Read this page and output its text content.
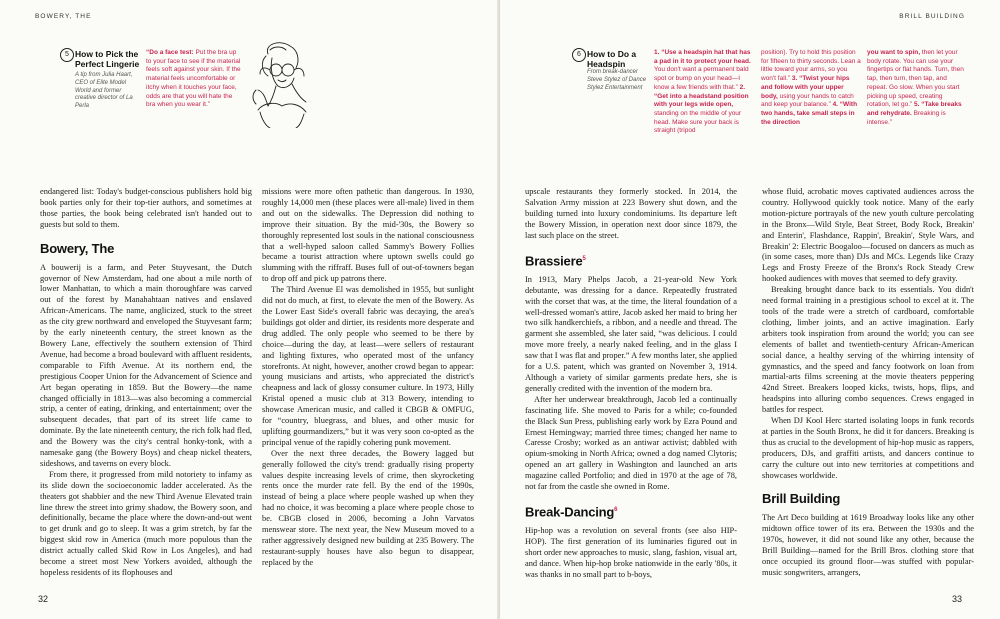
BOWERY, THE
5 How to Pick the Perfect Lingerie
A tip from Julia Haart, CEO of Elite Model World and former creative director of La Perla
“Do a face test: Put the bra up to your face to see if the material feels soft against your skin. If the material feels uncomfortable or itchy when it touches your face, odds are that you will hate the bra when you wear it.”

endangered list: Today's budget-conscious publishers hold big book parties only for their top-tier authors, and sometimes at those parties, the book being celebrated isn't handed out to guests but sold to them.

Bowery, The

A bouwerij is a farm, and Peter Stuyvesant, the Dutch governor of New Amsterdam, had one about a mile north of lower Manhattan, to which a main thoroughfare was carved out of the forest by Manahahtaan natives and enslaved African-Americans. The name, anglicized, stuck to the street as the city grew northward and enveloped the Stuyvesant farm; by the early nineteenth century, the street known as the Bowery Lane, effectively the southern extension of Third Avenue, had become a broad boulevard with affluent residents, comparable to Fifth Avenue. At its northern end, the prestigious Cooper Union for the Advancement of Science and Art began operating in 1859. But the Bowery—the name changed officially in 1813—was also becoming a commercial strip, a center of eating, drinking, and entertainment; over the subsequent decades, that part of its street life came to dominate. By the late nineteenth century, the rich folk had fled, and the Bowery was the city's central honky-tonk, with a namesake gang (the Bowery Boys) and cheap nickel theaters, sideshows, and taverns on every block.

From there, it progressed from mild notoriety to infamy as its slide down the socioeconomic ladder accelerated. As the theaters got shabbier and the new Third Avenue Elevated train line threw the street into grimy shadow, the Bowery soon, and definitionally, became the place where the down-and-out went to get drunk and go to sleep. It was a grim stretch, by far the biggest skid row in America (much more populous than the district actually called Skid Row in Los Angeles), and had become a street most New Yorkers avoided, although the hopeless residents of its flophouses and

missions were more often pathetic than dangerous. In 1930, roughly 14,000 men (these places were all-male) lived in them and out on the sidewalks. The Depression did nothing to improve their situation. By the mid-'30s, the Bowery so thoroughly represented lost souls in the national consciousness that a well-hyped saloon called Sammy's Bowery Follies became a tourist attraction where uptown swells could go slumming with the riffraff. Buses full of out-of-towners began to drop off and pick up patrons there.

The Third Avenue El was demolished in 1955, but sunlight did not do much, at first, to elevate the men of the Bowery. As the Lower East Side's overall fabric was decaying, the area's buildings got older and dirtier, its residents more desperate and drug addled. The only people who seemed to be there by choice—during the day, at least—were sellers of restaurant and lighting fixtures, who operated most of the unfancy storefronts. At night, however, another crowd began to appear: young musicians and artists, who appreciated the district's cheapness and lack of glossy consumer culture. In 1973, Hilly Kristal opened a music club at 313 Bowery, intending to showcase American music, and called it CBGB & OMFUG, for “country, bluegrass, and blues, and other music for uplifting gourmandizers,” but it was very soon co-opted as the principal venue of the rapidly cohering punk movement.

Over the next three decades, the Bowery lagged but generally followed the city's trend: gradually rising property values despite increasing levels of crime, then skyrocketing rents once the murder rate fell. By the end of the 1990s, instead of being a place where people washed up when they had no choice, it was becoming a place where people chose to be. CBGB closed in 2006, becoming a John Varvatos menswear store. The next year, the New Museum moved to a rather aggressively designed new building at 235 Bowery. The restaurant-supply houses have also begun to disappear, replaced by the

32
BRILL BUILDING
6 How to Do a Headspin
From break-dancer Steve Stylez of Dance Stylez Entertainment
1. “Use a headspin hat that has a pad in it to protect your head. You don't want a permanent bald spot or bump on your head—I know a few friends with that.” 2. “Get into a headstand position with your legs wide open, standing on the middle of your head. Make sure your back is straight (tripod
position). Try to hold this position for fifteen to thirty seconds. Lean a little toward your arms, so you won't fall.” 3. “Twist your hips and follow with your upper body, using your hands to catch and keep your balance.” 4. “With two hands, take small steps in the direction
you want to spin, then let your body rotate. You can use your fingertips or flat hands. Turn, then tap, then turn, then tap, and repeat. Go slow. When you start picking up speed, creating rotation, let go.” 5. “Take breaks and rehydrate. Breaking is intense.”

upscale restaurants they formerly stocked. In 2014, the Salvation Army mission at 223 Bowery shut down, and the building turned into luxury condominiums. Its departure left the Bowery Mission, in operation next door since 1879, the last such place on the street.

Brassiere$^5$

In 1913, Mary Phelps Jacob, a 21-year-old New York debutante, was dressing for a dance. Repeatedly frustrated with the corset that was, at the time, the literal foundation of a well-dressed woman's attire, Jacob asked her maid to bring her two silk handkerchiefs, a ribbon, and a needle and thread. The garment she assembled, she later said, “was delicious. I could move more freely, a nearly naked feeling, and in the glass I saw that I was flat and proper.” A few months later, she applied for a U.S. patent, which was granted on November 3, 1914. Although a variety of similar garments predate hers, she is generally credited with the invention of the modern bra.

After her underwear breakthrough, Jacob led a continually fascinating life. She moved to Paris for a while; co-founded the Black Sun Press, publishing early work by Ezra Pound and Ernest Hemingway; married three times; changed her name to Caresse Crosby; worked as an antiwar activist; dabbled with opium-smoking in North Africa; owned a dog named Clytoris; opened an art gallery in Washington and launched an arts magazine called Portfolio; and died in 1970 at the age of 78, not far from the castle she owned in Rome.

Break-Dancing$^6$

Hip-hop was a revolution on several fronts (see also HIP-HOP). The first generation of its luminaries figured out in short order new approaches to music, slang, fashion, visual art, and dance. When hip-hop broke nationwide in the early '80s, it was thanks in no small part to b-boys,

whose fluid, acrobatic moves captivated audiences across the country. Hollywood quickly took notice. Many of the early motion-picture portrayals of the new youth culture percolating in the Bronx—Wild Style, Beat Street, Body Rock, Breakin' and Enterin', Flashdance, Rappin', Breakin', Style Wars, and Breakin' 2: Electric Boogaloo—focused on dancers as much as (in some cases, more than) DJs and MCs. Legends like Crazy Legs and Frosty Freeze of the Bronx's Rock Steady Crew hooked audiences with moves that seemed to defy gravity.

Breaking brought dance back to its essentials. You didn't need formal training in a prestigious school to excel at it. The tools of the trade were a stretch of cardboard, comfortable clothing, limber joints, and an active imagination. Early arbiters took inspiration from around the world; you can see elements of ballet and twentieth-century African-American social dance, a healthy serving of the whirring intensity of gymnastics, and the speed and fancy footwork on loan from martial-arts films screening at the movie theaters peppering 42nd Street. Breakers looped kicks, twists, hops, flips, and headspins into alluring combo sequences. Crews engaged in battles for respect.

When DJ Kool Herc started isolating loops in funk records at parties in the South Bronx, he did it for dancers. Breaking is thus as crucial to the development of hip-hop music as rappers, producers, DJs, and graffiti artists, and dancers continue to carry the culture out into new territories at competitions and showcases worldwide.

Brill Building

The Art Deco building at 1619 Broadway looks like any other midtown office tower of its era. Between the 1930s and the 1970s, however, it did not sound like any other, because the Brill Building—named for the Brill Bros. clothing store that once occupied its ground floor—was stuffed with popular-music songwriters, arrangers,

33
